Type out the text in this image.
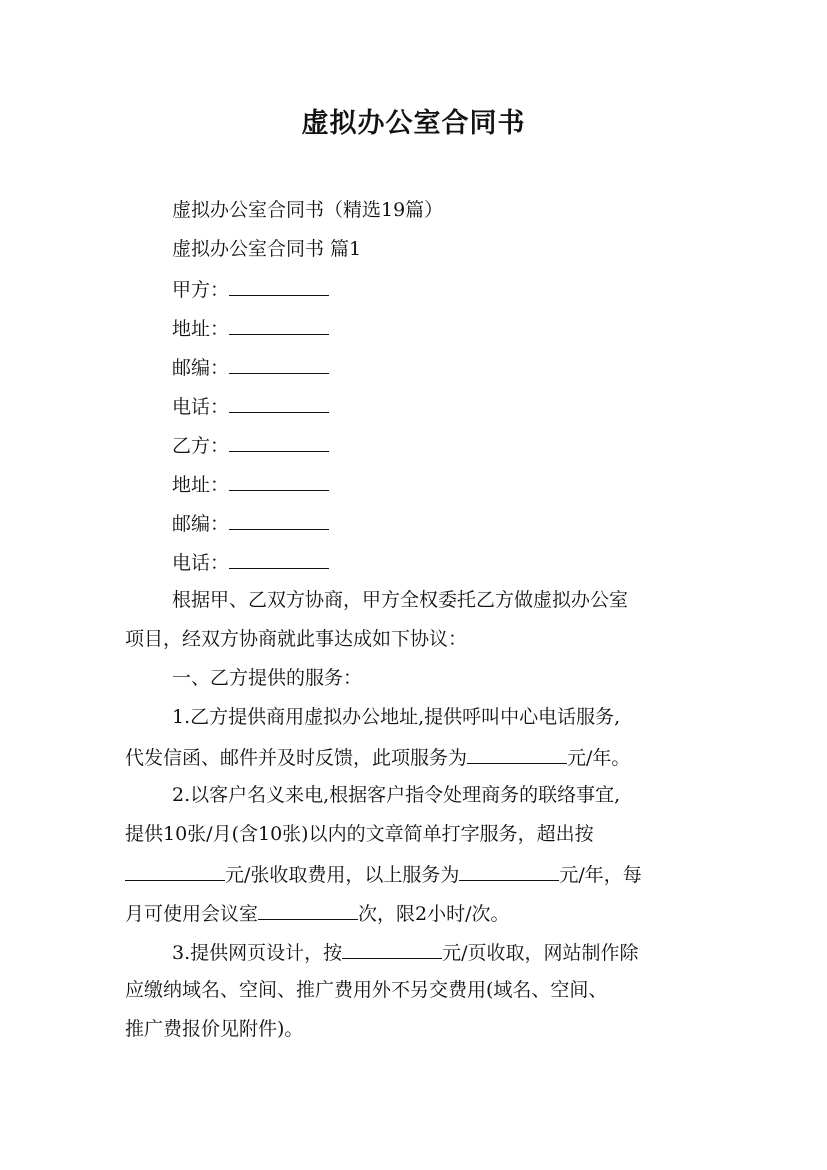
虚拟办公室合同书
虚拟办公室合同书（精选19篇）
虚拟办公室合同书 篇1
甲方：
地址：
邮编：
电话：
乙方：
地址：
邮编：
电话：
根据甲、乙双方协商，甲方全权委托乙方做虚拟办公室
项目，经双方协商就此事达成如下协议：
一、乙方提供的服务：
1.乙方提供商用虚拟办公地址,提供呼叫中心电话服务,
代发信函、邮件并及时反馈，此项服务为	元/年。
2.以客户名义来电,根据客户指令处理商务的联络事宜,
提供10张/月(含10张)以内的文章简单打字服务，超出按
元/张收取费用，以上服务为	元/年，每
月可使用会议室	次，限2小时/次。
3.提供网页设计，按	元/页收取，网站制作除
应缴纳域名、空间、推广费用外不另交费用(域名、空间、
推广费报价见附件)。
